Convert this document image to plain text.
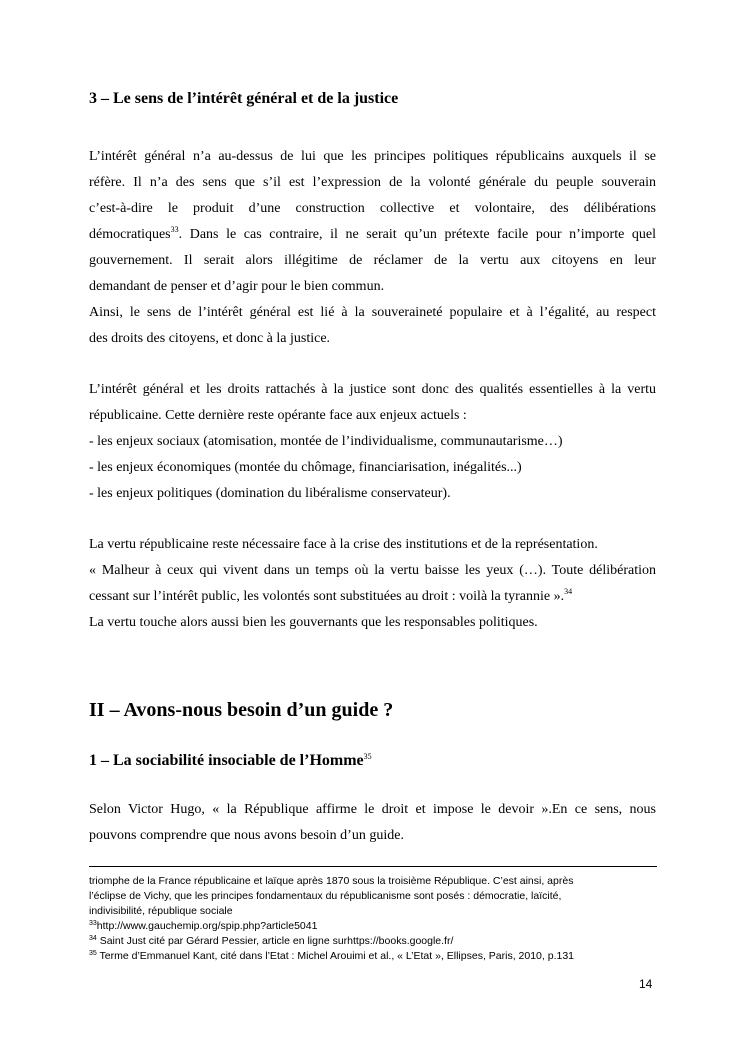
3 – Le sens de l’intérêt général et de la justice
L’intérêt général n’a au-dessus de lui que les principes politiques républicains auxquels il se
réfère. Il n’a des sens que s’il est l’expression de la volonté générale du peuple souverain
c’est-à-dire le produit d’une construction collective et volontaire, des délibérations
démocratiques$^{33}$. Dans le cas contraire, il ne serait qu’un prétexte facile pour n’importe quel
gouvernement. Il serait alors illégitime de réclamer de la vertu aux citoyens en leur
demandant de penser et d’agir pour le bien commun.
Ainsi, le sens de l’intérêt général est lié à la souveraineté populaire et à l’égalité, au respect
des droits des citoyens, et donc à la justice.
L’intérêt général et les droits rattachés à la justice sont donc des qualités essentielles à la vertu
républicaine. Cette dernière reste opérante face aux enjeux actuels :
- les enjeux sociaux (atomisation, montée de l’individualisme, communautarisme…)
- les enjeux économiques (montée du chômage, financiarisation, inégalités...)
- les enjeux politiques (domination du libéralisme conservateur).
La vertu républicaine reste nécessaire face à la crise des institutions et de la représentation.
« Malheur à ceux qui vivent dans un temps où la vertu baisse les yeux (…). Toute délibération
cessant sur l’intérêt public, les volontés sont substituées au droit : voilà la tyrannie ».$^{34}$
La vertu touche alors aussi bien les gouvernants que les responsables politiques.
II – Avons-nous besoin d’un guide ?
1 – La sociabilité insociable de l’Homme$^{35}$
Selon Victor Hugo, « la République affirme le droit et impose le devoir ».En ce sens, nous
pouvons comprendre que nous avons besoin d’un guide.
triomphe de la France républicaine et laïque après 1870 sous la troisième République. C’est ainsi, après
l’éclipse de Vichy, que les principes fondamentaux du républicanisme sont posés : démocratie, laïcité,
indivisibilité, république sociale
$^{33}$http://www.gauchemip.org/spip.php?article5041
$^{34}$ Saint Just cité par Gérard Pessier, article en ligne surhttps://books.google.fr/
$^{35}$ Terme d’Emmanuel Kant, cité dans l’Etat : Michel Arouimi et al., « L’Etat », Ellipses, Paris, 2010, p.131
14
